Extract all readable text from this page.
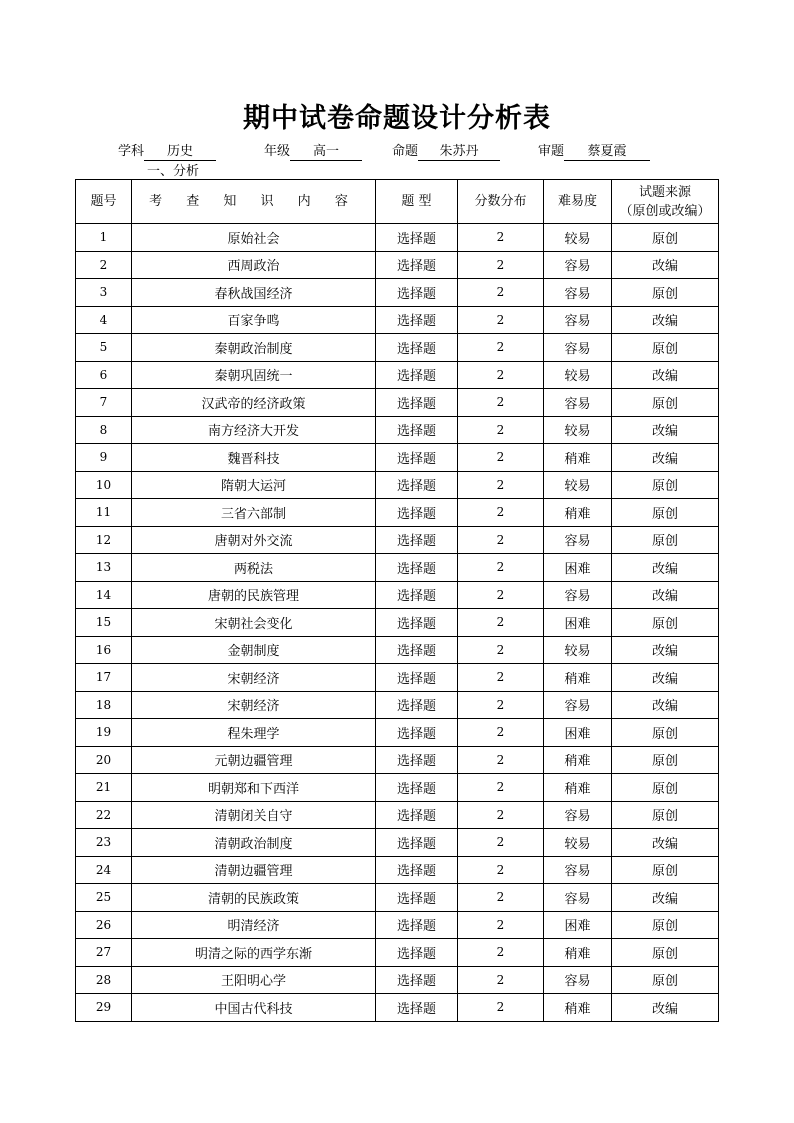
期中试卷命题设计分析表
学科 历史	年级 高一	命题 朱苏丹	审题 蔡夏霞
一、分析
题号	考 查 知 识 内 容	题 型	分数分布	难易度	试题来源
（原创或改编）

1	原始社会	选择题	2	较易	原创
2	西周政治	选择题	2	容易	改编
3	春秋战国经济	选择题	2	容易	原创
4	百家争鸣	选择题	2	容易	改编
5	秦朝政治制度	选择题	2	容易	原创
6	秦朝巩固统一	选择题	2	较易	改编
7	汉武帝的经济政策	选择题	2	容易	原创
8	南方经济大开发	选择题	2	较易	改编
9	魏晋科技	选择题	2	稍难	改编
10	隋朝大运河	选择题	2	较易	原创
11	三省六部制	选择题	2	稍难	原创
12	唐朝对外交流	选择题	2	容易	原创
13	两税法	选择题	2	困难	改编
14	唐朝的民族管理	选择题	2	容易	改编
15	宋朝社会变化	选择题	2	困难	原创
16	金朝制度	选择题	2	较易	改编
17	宋朝经济	选择题	2	稍难	改编
18	宋朝经济	选择题	2	容易	改编
19	程朱理学	选择题	2	困难	原创
20	元朝边疆管理	选择题	2	稍难	原创
21	明朝郑和下西洋	选择题	2	稍难	原创
22	清朝闭关自守	选择题	2	容易	原创
23	清朝政治制度	选择题	2	较易	改编
24	清朝边疆管理	选择题	2	容易	原创
25	清朝的民族政策	选择题	2	容易	改编
26	明清经济	选择题	2	困难	原创
27	明清之际的西学东渐	选择题	2	稍难	原创
28	王阳明心学	选择题	2	容易	原创
29	中国古代科技	选择题	2	稍难	改编
